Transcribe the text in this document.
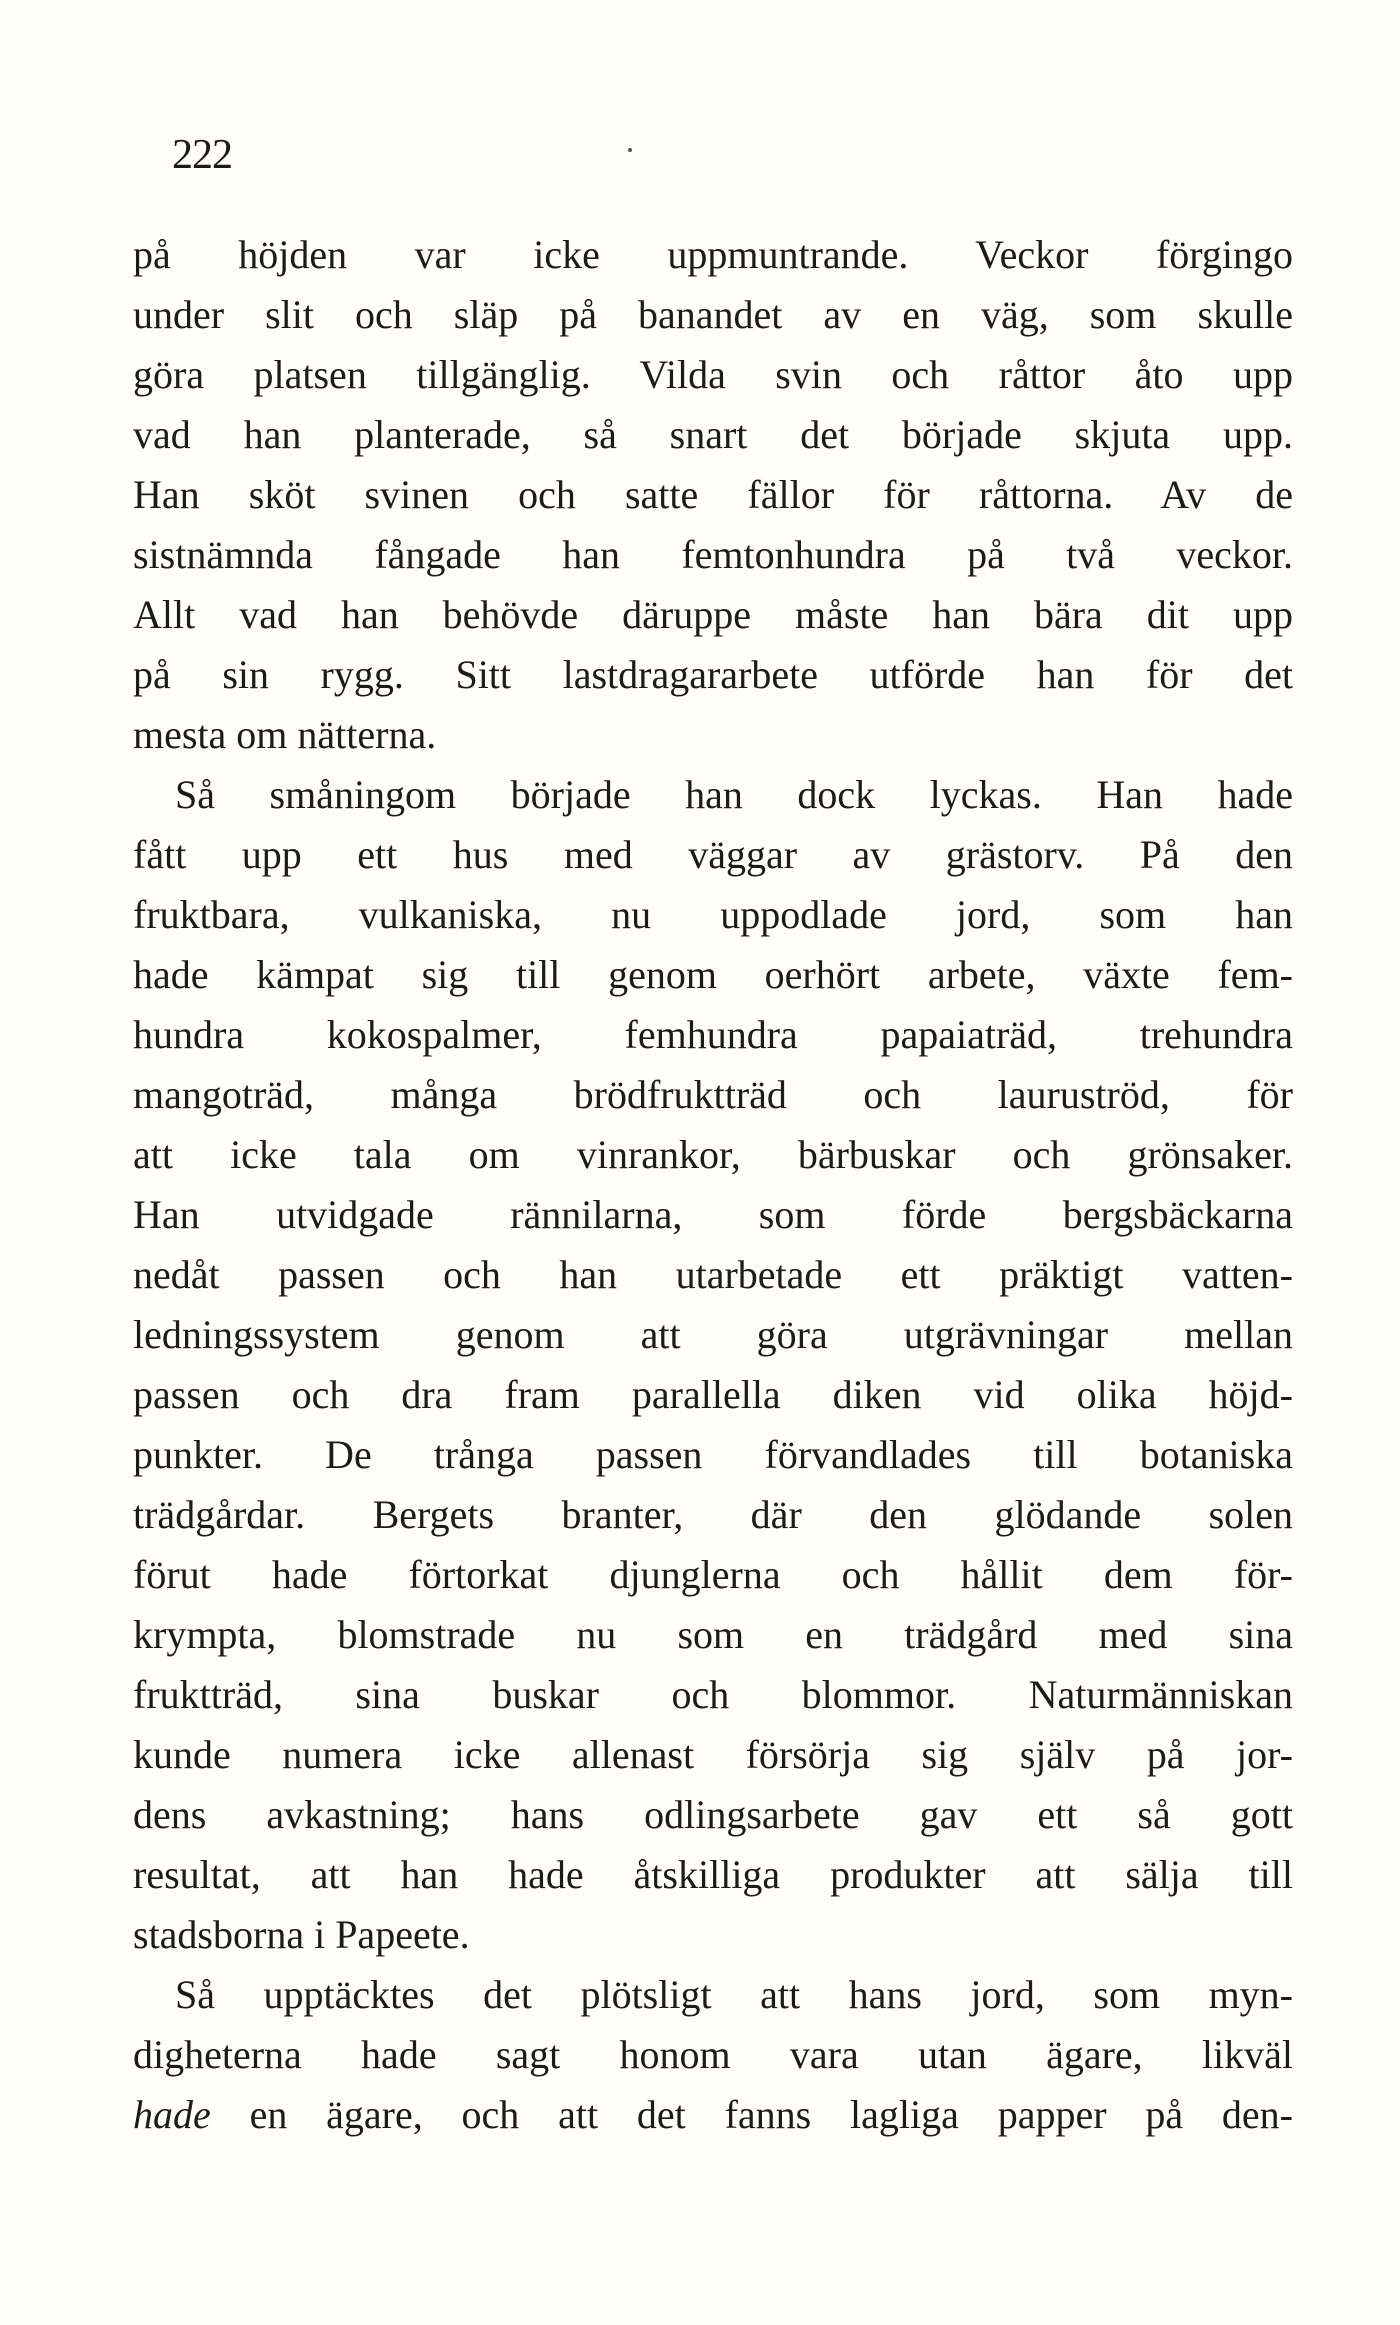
222
på höjden var icke uppmuntrande. Veckor förgingo
under slit och släp på banandet av en väg, som skulle
göra platsen tillgänglig. Vilda svin och råttor åto upp
vad han planterade, så snart det började skjuta upp.
Han sköt svinen och satte fällor för råttorna. Av de
sistnämnda fångade han femtonhundra på två veckor.
Allt vad han behövde däruppe måste han bära dit upp
på sin rygg. Sitt lastdragararbete utförde han för det
mesta om nätterna.
Så småningom började han dock lyckas. Han hade
fått upp ett hus med väggar av grästorv. På den
fruktbara, vulkaniska, nu uppodlade jord, som han
hade kämpat sig till genom oerhört arbete, växte fem-
hundra kokospalmer, femhundra papaiaträd, trehundra
mangoträd, många brödfruktträd och lauruströd, för
att icke tala om vinrankor, bärbuskar och grönsaker.
Han utvidgade rännilarna, som förde bergsbäckarna
nedåt passen och han utarbetade ett präktigt vatten-
ledningssystem genom att göra utgrävningar mellan
passen och dra fram parallella diken vid olika höjd-
punkter. De trånga passen förvandlades till botaniska
trädgårdar. Bergets branter, där den glödande solen
förut hade förtorkat djunglerna och hållit dem för-
krympta, blomstrade nu som en trädgård med sina
fruktträd, sina buskar och blommor. Naturmänniskan
kunde numera icke allenast försörja sig själv på jor-
dens avkastning; hans odlingsarbete gav ett så gott
resultat, att han hade åtskilliga produkter att sälja till
stadsborna i Papeete.
Så upptäcktes det plötsligt att hans jord, som myn-
digheterna hade sagt honom vara utan ägare, likväl
hade en ägare, och att det fanns lagliga papper på den-
